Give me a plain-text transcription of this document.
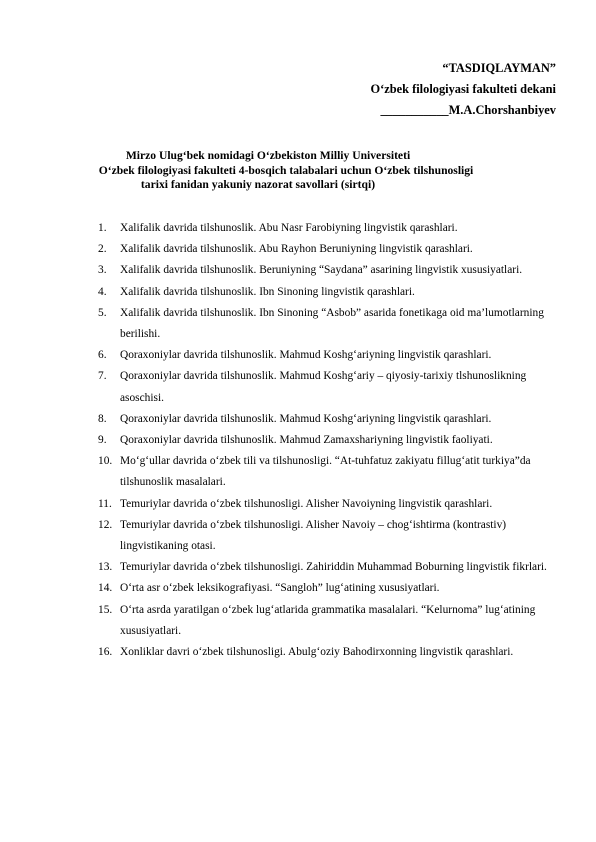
“TASDIQLAYMAN”
O‘zbek filologiyasi fakulteti dekani
___________M.A.Chorshanbiyev
Mirzo Ulug‘bek nomidagi O‘zbekiston Milliy Universiteti
O‘zbek filologiyasi fakulteti 4-bosqich talabalari uchun O‘zbek tilshunosligi
tarixi fanidan yakuniy nazorat savollari (sirtqi)
1. Xalifalik davrida tilshunoslik. Abu Nasr Farobiyning lingvistik qarashlari.
2. Xalifalik davrida tilshunoslik. Abu Rayhon Beruniyning lingvistik qarashlari.
3. Xalifalik davrida tilshunoslik. Beruniyning “Saydana” asarining lingvistik xususiyatlari.
4. Xalifalik davrida tilshunoslik. Ibn Sinoning lingvistik qarashlari.
5. Xalifalik davrida tilshunoslik. Ibn Sinoning “Asbob” asarida fonetikaga oid ma’lumotlarning berilishi.
6. Qoraxoniylar davrida tilshunoslik. Mahmud Koshg‘ariyning lingvistik qarashlari.
7. Qoraxoniylar davrida tilshunoslik. Mahmud Koshg‘ariy – qiyosiy-tarixiy tlshunoslikning asoschisi.
8. Qoraxoniylar davrida tilshunoslik. Mahmud Koshg‘ariyning lingvistik qarashlari.
9. Qoraxoniylar davrida tilshunoslik. Mahmud Zamaxshariyning lingvistik faoliyati.
10. Mo‘g‘ullar davrida o‘zbek tili va tilshunosligi. “At-tuhfatuz zakiyatu fillug‘atit turkiya”da tilshunoslik masalalari.
11. Temuriylar davrida o‘zbek tilshunosligi. Alisher Navoiyning lingvistik qarashlari.
12. Temuriylar davrida o‘zbek tilshunosligi. Alisher Navoiy – chog‘ishtirma (kontrastiv) lingvistikaning otasi.
13. Temuriylar davrida o‘zbek tilshunosligi. Zahiriddin Muhammad Boburning lingvistik fikrlari.
14. O‘rta asr o‘zbek leksikografiyasi. “Sangloh” lug‘atining xususiyatlari.
15. O‘rta asrda yaratilgan o‘zbek lug‘atlarida grammatika masalalari. “Kelurnoma” lug‘atining xususiyatlari.
16. Xonliklar davri o‘zbek tilshunosligi. Abulg‘oziy Bahodirxonning lingvistik qarashlari.
